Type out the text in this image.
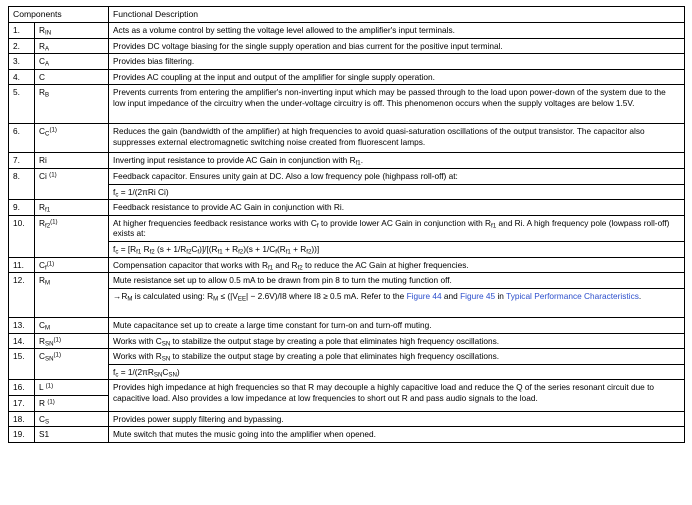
Components		Functional Description
1.	$R_{IN}$	Acts as a volume control by setting the voltage level allowed to the amplifier's input terminals.
2.	$R_A$	Provides DC voltage biasing for the single supply operation and bias current for the positive input terminal.
3.	$C_A$	Provides bias filtering.
4.	C	Provides AC coupling at the input and output of the amplifier for single supply operation.
5.	$R_B$	Prevents currents from entering the amplifier's non-inverting input which may be passed through to the load upon power-down of the system due to the low input impedance of the circuitry when the under-voltage circuitry is off. This phenomenon occurs when the supply voltages are below 1.5V.
6.	$C_C^{(1)}$	Reduces the gain (bandwidth of the amplifier) at high frequencies to avoid quasi-saturation oscillations of the output transistor. The capacitor also suppresses external electromagnetic switching noise created from fluorescent lamps.
7.	Ri	Inverting input resistance to provide AC Gain in conjunction with $R_{f1}$.
8.	Ci $^{(1)}$	Feedback capacitor. Ensures unity gain at DC. Also a low frequency pole (highpass roll-off) at:
		$f_c = 1/(2\pi Ri$ Ci)
9.	$R_{f1}$	Feedback resistance to provide AC Gain in conjunction with Ri.
10.	$R_{f2}^{(1)}$	At higher frequencies feedback resistance works with $C_f$ to provide lower AC Gain in conjunction with $R_{f1}$ and Ri. A high frequency pole (lowpass roll-off) exists at:
		$f_c = [R_{f1}$ $R_{f2}$ $(s + 1/R_{f2}C_f)]/[(R_{f1} + R_{f2})(s + 1/C_f(R_{f1} + R_{f2}))]$
11.	$C_f^{(1)}$	Compensation capacitor that works with $R_{f1}$ and $R_{f2}$ to reduce the AC Gain at higher frequencies.
12.	$R_M$	Mute resistance set up to allow 0.5 mA to be drawn from pin 8 to turn the muting function off.
		$\to R_M$ is calculated using: $R_M \le (|V_{EE}| - 2.6V)/I8$ where I8 ≥ 0.5 mA. Refer to the Figure 44 and Figure 45 in Typical Performance Characteristics.
13.	$C_M$	Mute capacitance set up to create a large time constant for turn-on and turn-off muting.
14.	$R_{SN}^{(1)}$	Works with $C_{SN}$ to stabilize the output stage by creating a pole that eliminates high frequency oscillations.
15.	$C_{SN}^{(1)}$	Works with $R_{SN}$ to stabilize the output stage by creating a pole that eliminates high frequency oscillations.
		$f_c = 1/(2\pi R_{SN}C_{SN})$
16.	L $^{(1)}$	Provides high impedance at high frequencies so that R may decouple a highly capacitive load and reduce the Q of the series resonant circuit due to capacitive load. Also provides a low impedance at low frequencies to short out R and pass audio signals to the load.
17.	R $^{(1)}$
18.	$C_S$	Provides power supply filtering and bypassing.
19.	S1	Mute switch that mutes the music going into the amplifier when opened.
